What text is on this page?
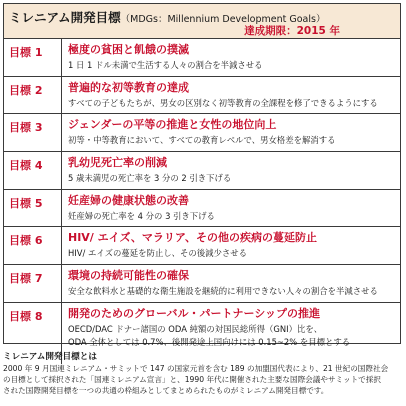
ミレニアム開発目標（MDGs：Millennium Development Goals）
達成期限：2015 年
目標 1	極度の貧困と飢餓の撲滅
1 日 1 ドル未満で生活する人々の割合を半減させる
目標 2	普遍的な初等教育の達成
すべての子どもたちが、男女の区別なく初等教育の全課程を修了できるようにする
目標 3	ジェンダーの平等の推進と女性の地位向上
初等・中等教育において、すべての教育レベルで、男女格差を解消する
目標 4	乳幼児死亡率の削減
5 歳未満児の死亡率を 3 分の 2 引き下げる
目標 5	妊産婦の健康状態の改善
妊産婦の死亡率を 4 分の 3 引き下げる
目標 6	HIV/ エイズ、マラリア、その他の疾病の蔓延防止
HIV/ エイズの蔓延を防止し、その後減少させる
目標 7	環境の持続可能性の確保
安全な飲料水と基礎的な衛生施設を継続的に利用できない人々の割合を半減させる
目標 8	開発のためのグローバル・パートナーシップの推進
OECD/DAC ドナー諸国の ODA 純額の対国民総所得（GNI）比を、
ODA 全体としては 0.7%、後開発途上国向けには 0.15~2% を目標とする
ミレニアム開発目標とは
2000 年 9 月国連ミレニアム・サミットで 147 の国家元首を含む 189 の加盟国代表により、21 世紀の国際社会
の目標として採択された「国連ミレニアム宣言」と、1990 年代に開催された主要な国際会議やサミットで採択
された国際開発目標を一つの共通の枠組みとしてまとめられたものがミレニアム開発目標です。
